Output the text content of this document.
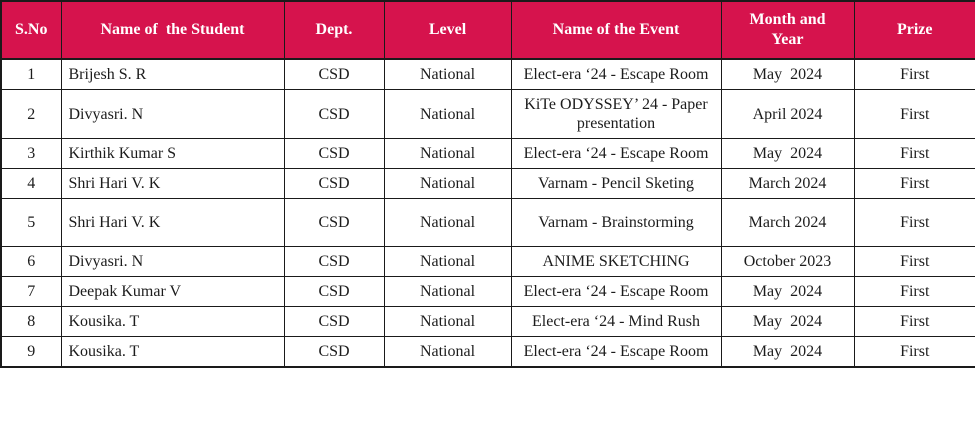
S.No	Name of  the Student	Dept.	Level	Name of the Event	Month and Year	Prize
1	Brijesh S. R	CSD	National	Elect-era ‘24 - Escape Room	May  2024	First
2	Divyasri. N	CSD	National	KiTe ODYSSEY’ 24 - Paper presentation	April 2024	First
3	Kirthik Kumar S	CSD	National	Elect-era ‘24 - Escape Room	May  2024	First
4	Shri Hari V. K	CSD	National	Varnam - Pencil Sketing	March 2024	First
5	Shri Hari V. K	CSD	National	Varnam - Brainstorming	March 2024	First
6	Divyasri. N	CSD	National	ANIME SKETCHING	October 2023	First
7	Deepak Kumar V	CSD	National	Elect-era ‘24 - Escape Room	May  2024	First
8	Kousika. T	CSD	National	Elect-era ‘24 - Mind Rush	May  2024	First
9	Kousika. T	CSD	National	Elect-era ‘24 - Escape Room	May  2024	First
